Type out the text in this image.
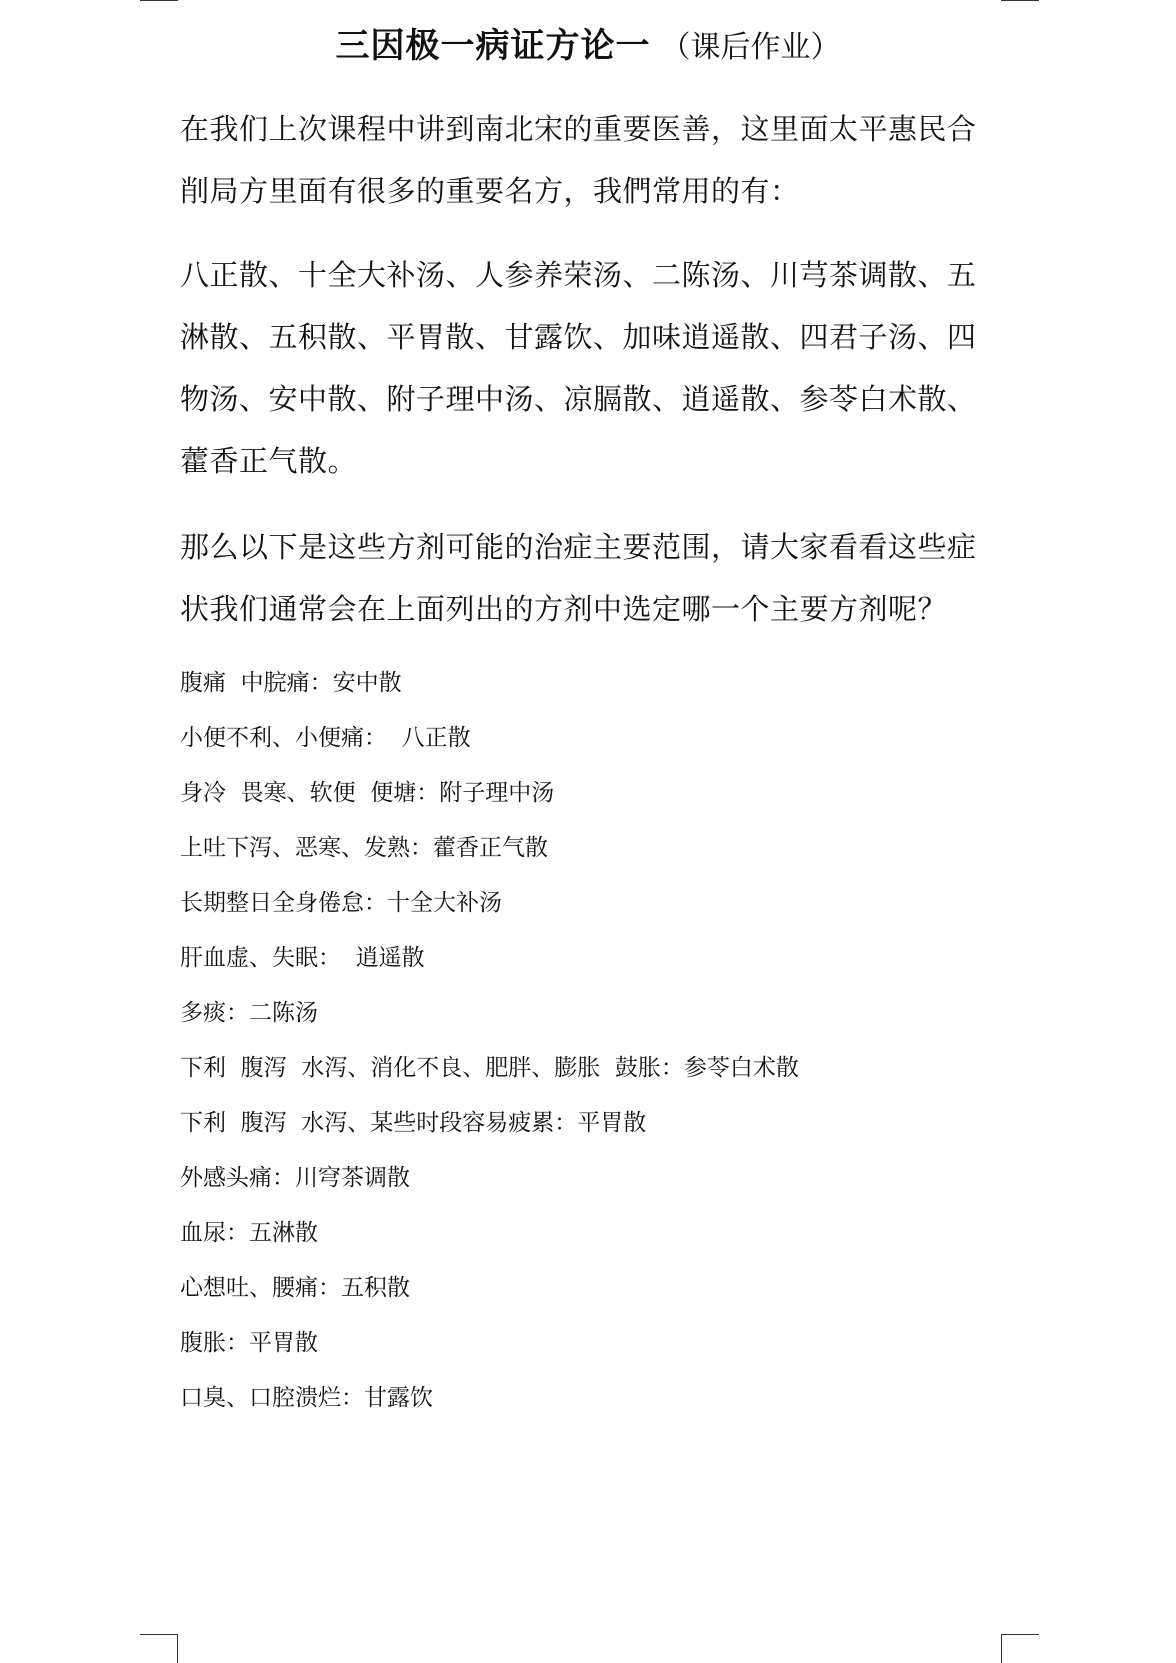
三因极一病证方论一 （课后作业）

在我们上次课程中讲到南北宋的重要医善，这里面太平惠民合削局方里面有很多的重要名方，我們常用的有：

八正散、十全大补汤、人参养荣汤、二陈汤、川芎茶调散、五淋散、五积散、平胃散、甘露饮、加味逍遥散、四君子汤、四物汤、安中散、附子理中汤、凉膈散、逍遥散、参苓白术散、藿香正气散。

那么以下是这些方剂可能的治症主要范围，请大家看看这些症状我们通常会在上面列出的方剂中选定哪一个主要方剂呢？

腹痛  中脘痛：安中散
小便不利、小便痛：  八正散
身冷  畏寒、软便  便塘：附子理中汤
上吐下泻、恶寒、发熟：藿香正气散
长期整日全身倦怠：十全大补汤
肝血虚、失眠：  逍遥散
多痰：二陈汤
下利  腹泻  水泻、消化不良、肥胖、膨胀  鼓胀：参苓白术散
下利  腹泻  水泻、某些时段容易疲累：平胃散
外感头痛：川穹茶调散
血尿：五淋散
心想吐、腰痛：五积散
腹胀：平胃散
口臭、口腔溃烂：甘露饮
